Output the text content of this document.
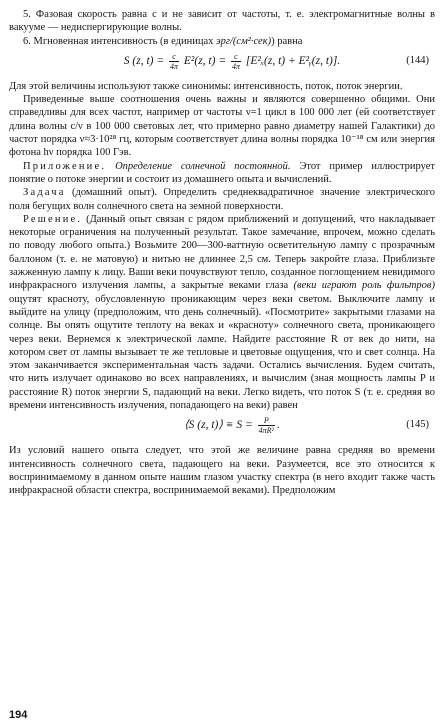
5. Фазовая скорость равна c и не зависит от частоты, т. е. электромагнитные волны в вакууме — недиспергирующие волны.

6. Мгновенная интенсивность (в единицах эрг/(см²·сек)) равна

S (z, $t) = \frac{c}{4\pi} E^2(z$, $t) = \frac{c}{4\pi} [E^2_x(z$, t) + E²ᵧ(z, t)].	(144)

Для этой величины используют также синонимы: интенсивность, поток, поток энергии.

Приведенные выше соотношения очень важны и являются совершенно общими. Они справедливы для всех частот, например от частоты ν=1 цикл в 100 000 лет (ей соответствует длина волны c/ν в 100 000 световых лет, что примерно равно диаметру нашей Галактики) до частот порядка ν≈3·10²⁸ гц, которым соответствует длина волны порядка 10⁻¹⁸ см или энергия фотона hν порядка 100 Гэв.

Приложение. Определение солнечной постоянной. Этот пример иллюстрирует понятие о потоке энергии и состоит из домашнего опыта и вычислений.

Задача (домашний опыт). Определить среднеквадратичное значение электрического поля бегущих волн солнечного света на земной поверхности.

Решение. (Данный опыт связан с рядом приближений и допущений, что накладывает некоторые ограничения на полученный результат. Такое замечание, впрочем, можно сделать по поводу любого опыта.) Возьмите 200—300-ваттную осветительную лампу с прозрачным баллоном (т. е. не матовую) и нитью не длиннее 2,5 см. Теперь закройте глаза. Приблизьте зажженную лампу к лицу. Ваши веки почувствуют тепло, созданное поглощением невидимого инфракрасного излучения лампы, а закрытые веками глаза (веки играют роль фильтров) ощутят красноту, обусловленную проникающим через веки светом. Выключите лампу и выйдите на улицу (предположим, что день солнечный). «Посмотрите» закрытыми глазами на солнце. Вы опять ощутите теплоту на веках и «красноту» солнечного света, проникающего через веки. Вернемся к электрической лампе. Найдите расстояние R от век до нити, на котором свет от лампы вызывает те же тепловые и цветовые ощущения, что и свет солнца. На этом заканчивается экспериментальная часть задачи. Остались вычисления. Будем считать, что нить излучает одинаково во всех направлениях, и вычислим (зная мощность лампы P и расстояние R) поток энергии S, падающий на веки. Легко видеть, что поток S (т. е. средняя во времени интенсивность излучения, попадающего на веки) равен

⟨S (z, t)⟩ ≡ $S = \frac{P}{\text{4πR²}}$ .	(145)

Из условий нашего опыта следует, что этой же величине равна средняя во времени интенсивность солнечного света, падающего на веки. Разумеется, все это относится к воспринимаемому в данном опыте нашим глазом участку спектра (в него входит также часть инфракрасной области спектра, воспринимаемой веками). Предположим

194
